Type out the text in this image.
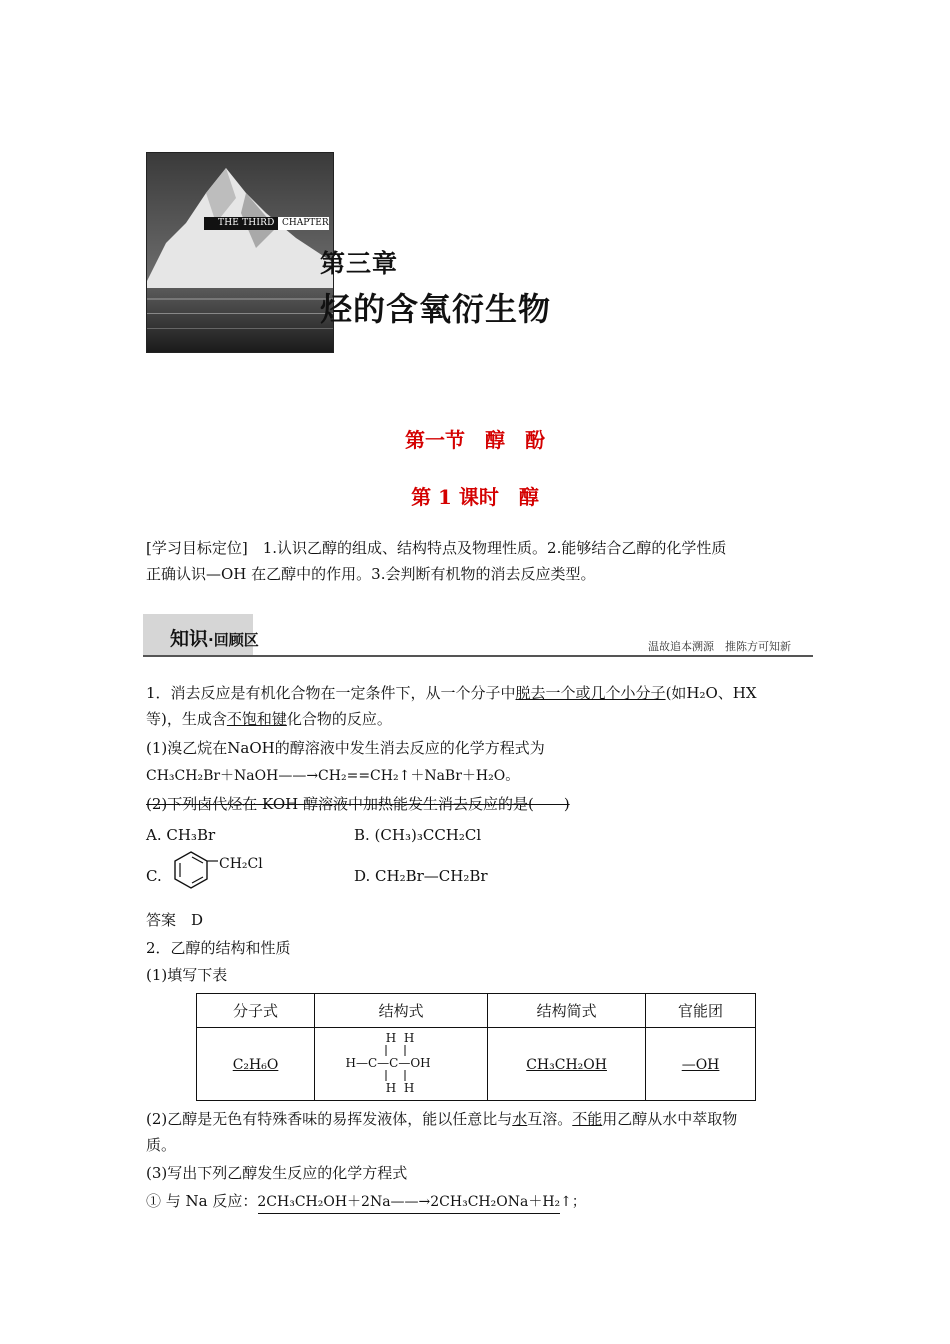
THE THIRD CHAPTER
第三章
烃的含氧衍生物
第一节　醇　酚
第 1 课时　醇
[学习目标定位]　1.认识乙醇的组成、结构特点及物理性质。2.能够结合乙醇的化学性质
正确认识—OH 在乙醇中的作用。3.会判断有机物的消去反应类型。
知识·回顾区	温故追本溯源　推陈方可知新
1．消去反应是有机化合物在一定条件下，从一个分子中脱去一个或几个小分子(如H₂O、HX
等)，生成含不饱和键化合物的反应。
(1)溴乙烷在NaOH的醇溶液中发生消去反应的化学方程式为
CH₃CH₂Br＋NaOH——→CH₂==CH₂↑＋NaBr＋H₂O。
(2)下列卤代烃在 KOH 醇溶液中加热能发生消去反应的是(　　)
A. CH₃Br	B. (CH₃)₃CCH₂Cl
C.
CH₂Cl
D. CH₂Br—CH₂Br
答案　D
2．乙醇的结构和性质
(1)填写下表
分子式	结构式	结构简式	官能团
C₂H₆O	H  H
H—C—C—OH
H  H	CH₃CH₂OH	—OH
(2)乙醇是无色有特殊香味的易挥发液体，能以任意比与水互溶。不能用乙醇从水中萃取物
质。
(3)写出下列乙醇发生反应的化学方程式
① 与 Na 反应：2CH₃CH₂OH＋2Na——→2CH₃CH₂ONa＋H₂↑；
